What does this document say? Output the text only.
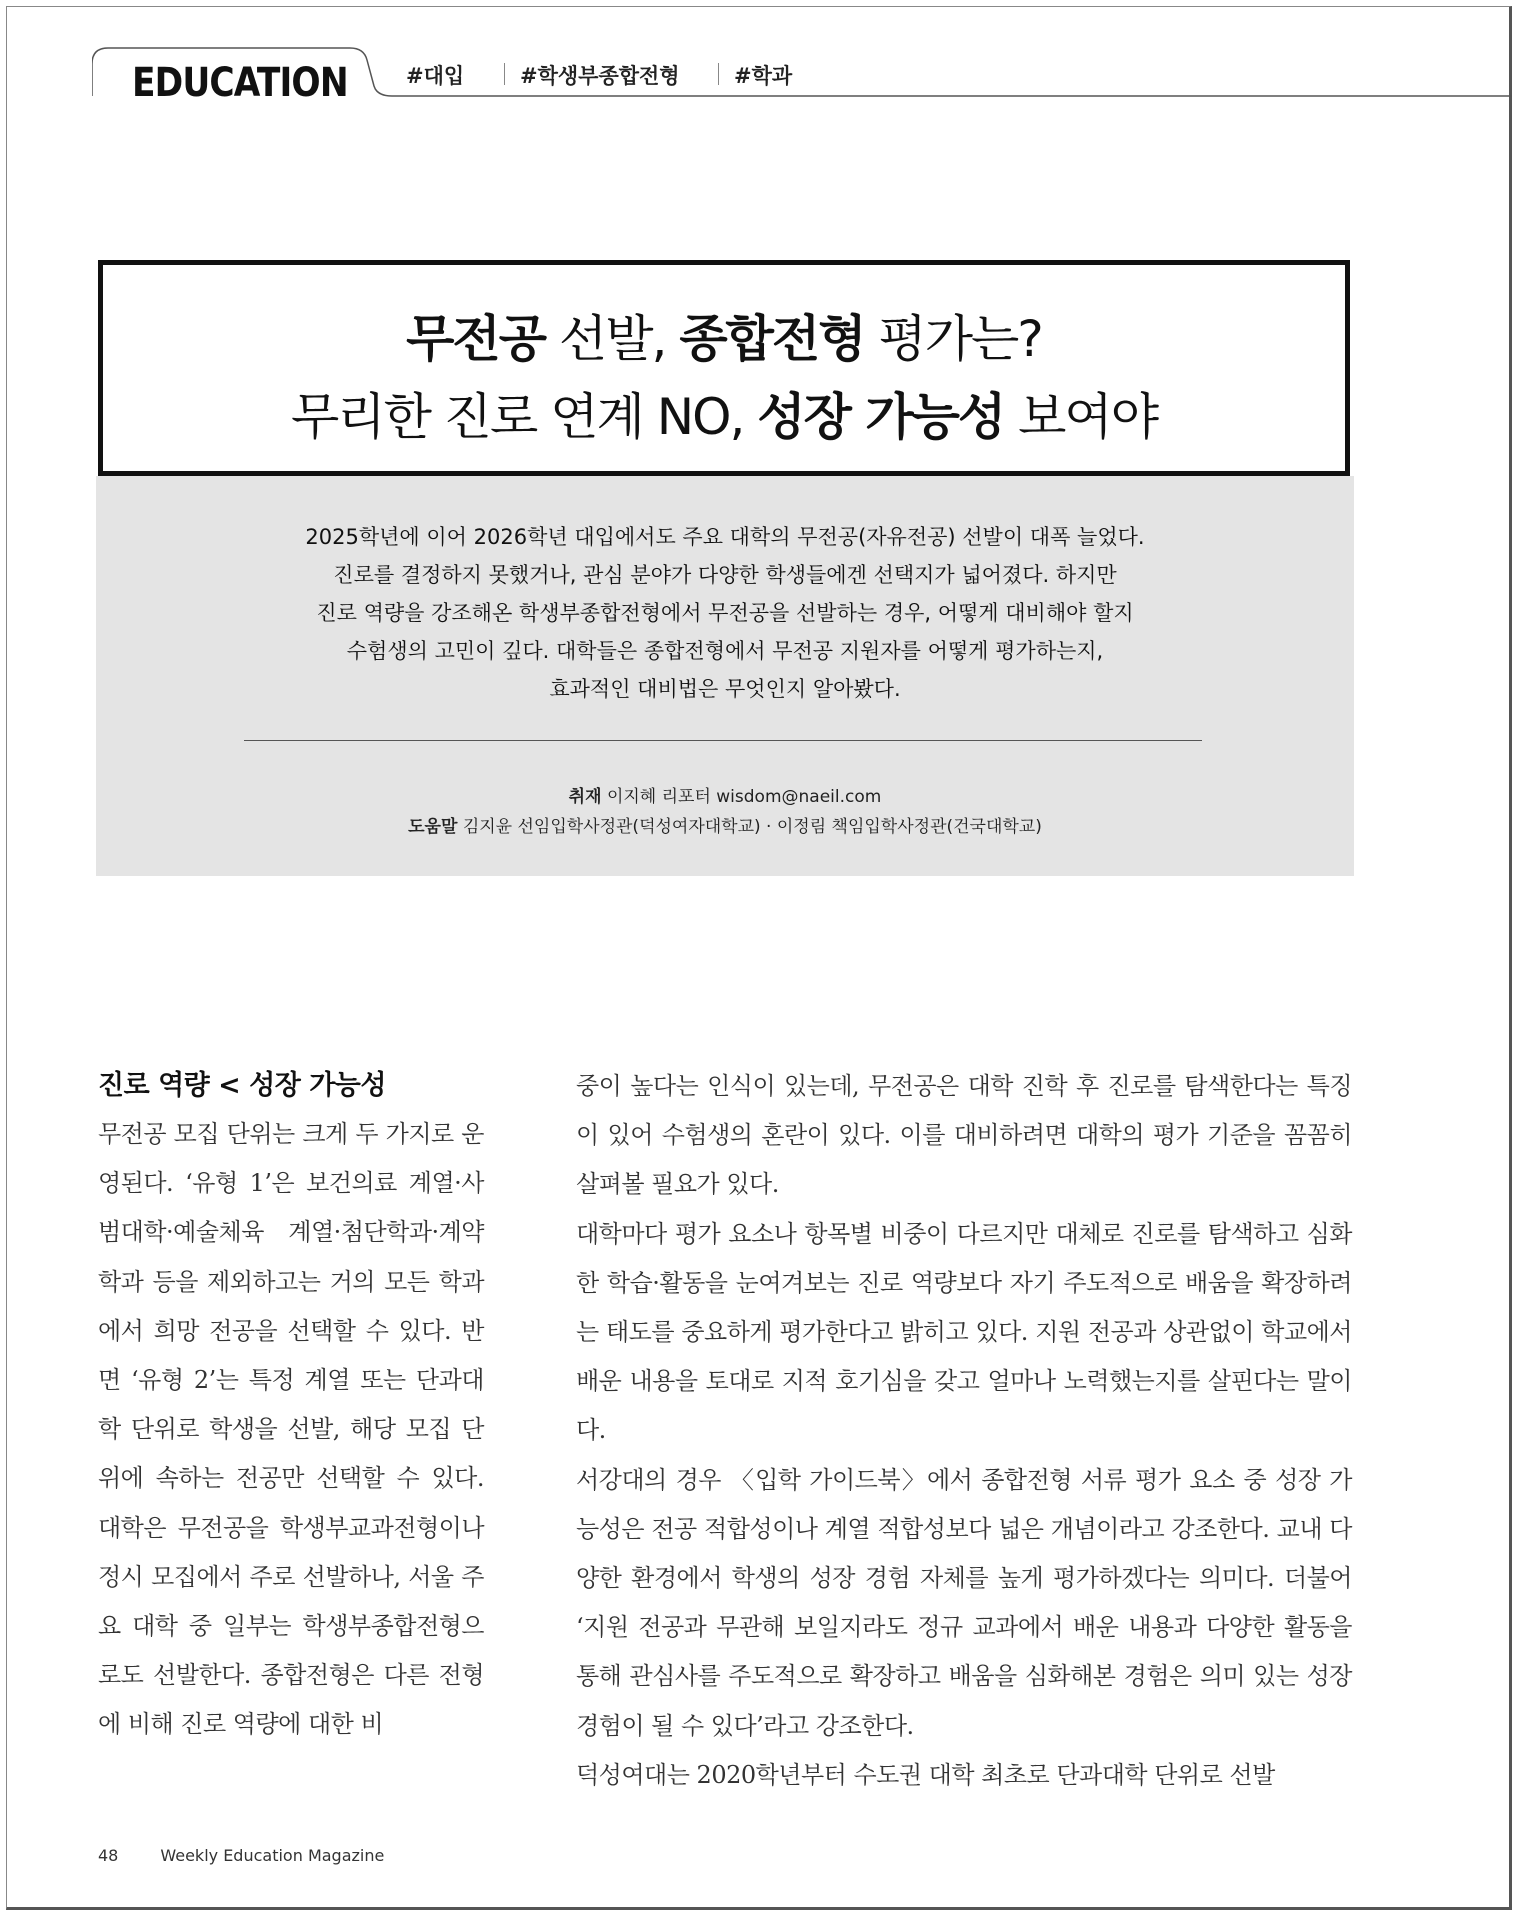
EDUCATION	#대입	#학생부종합전형	#학과
무전공 선발, 종합전형 평가는?
무리한 진로 연계 NO, 성장 가능성 보여야
2025학년에 이어 2026학년 대입에서도 주요 대학의 무전공(자유전공) 선발이 대폭 늘었다.
진로를 결정하지 못했거나, 관심 분야가 다양한 학생들에겐 선택지가 넓어졌다. 하지만
진로 역량을 강조해온 학생부종합전형에서 무전공을 선발하는 경우, 어떻게 대비해야 할지
수험생의 고민이 깊다. 대학들은 종합전형에서 무전공 지원자를 어떻게 평가하는지,
효과적인 대비법은 무엇인지 알아봤다.
취재 이지혜 리포터 wisdom@naeil.com
도움말 김지윤 선임입학사정관(덕성여자대학교) · 이정림 책임입학사정관(건국대학교)
진로 역량 < 성장 가능성
무전공 모집 단위는 크게 두 가지로 운영된다. ‘유형 1’은 보건의료 계열·사범대학·예술체육 계열·첨단학과·계약학과 등을 제외하고는 거의 모든 학과에서 희망 전공을 선택할 수 있다. 반면 ‘유형 2’는 특정 계열 또는 단과대학 단위로 학생을 선발, 해당 모집 단위에 속하는 전공만 선택할 수 있다. 대학은 무전공을 학생부교과전형이나 정시 모집에서 주로 선발하나, 서울 주요 대학 중 일부는 학생부종합전형으로도 선발한다. 종합전형은 다른 전형에 비해 진로 역량에 대한 비

중이 높다는 인식이 있는데, 무전공은 대학 진학 후 진로를 탐색한다는 특징이 있어 수험생의 혼란이 있다. 이를 대비하려면 대학의 평가 기준을 꼼꼼히 살펴볼 필요가 있다.

대학마다 평가 요소나 항목별 비중이 다르지만 대체로 진로를 탐색하고 심화한 학습·활동을 눈여겨보는 진로 역량보다 자기 주도적으로 배움을 확장하려는 태도를 중요하게 평가한다고 밝히고 있다. 지원 전공과 상관없이 학교에서 배운 내용을 토대로 지적 호기심을 갖고 얼마나 노력했는지를 살핀다는 말이다.

서강대의 경우 〈입학 가이드북〉에서 종합전형 서류 평가 요소 중 성장 가능성은 전공 적합성이나 계열 적합성보다 넓은 개념이라고 강조한다. 교내 다양한 환경에서 학생의 성장 경험 자체를 높게 평가하겠다는 의미다. 더불어 ‘지원 전공과 무관해 보일지라도 정규 교과에서 배운 내용과 다양한 활동을 통해 관심사를 주도적으로 확장하고 배움을 심화해본 경험은 의미 있는 성장 경험이 될 수 있다’라고 강조한다.

덕성여대는 2020학년부터 수도권 대학 최초로 단과대학 단위로 선발

48	Weekly Education Magazine
